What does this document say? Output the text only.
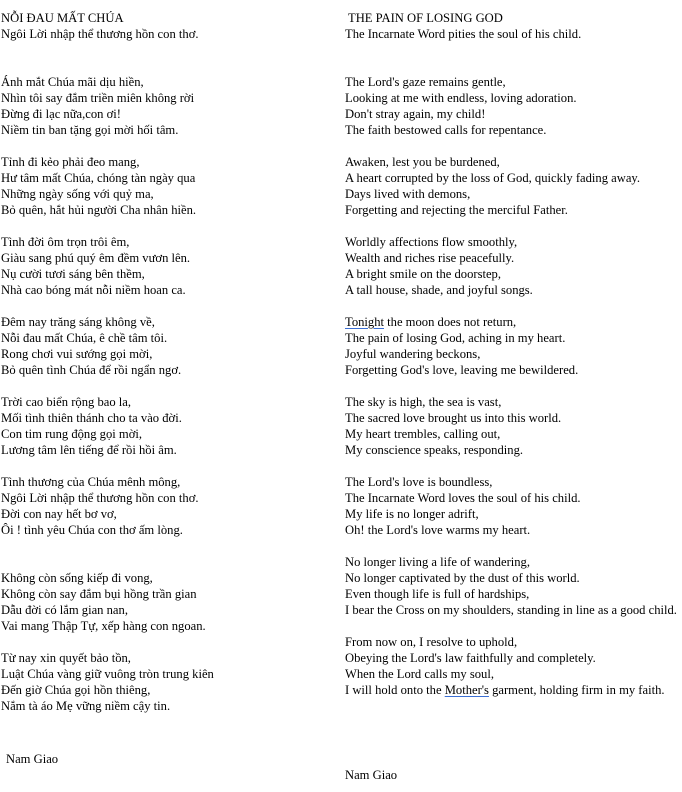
NỖI ĐAU MẤT CHÚA
Ngôi Lời nhập thể thương hồn con thơ.
Ánh mắt Chúa mãi dịu hiền,
Nhìn tôi say đắm triền miên không rời
Đừng đi lạc nữa,con ơi!
Niềm tin ban tặng gọi mời hối tâm.
Tỉnh đi kẻo phải đeo mang,
Hư tâm mất Chúa, chóng tàn ngày qua
Những ngày sống với quỷ ma,
Bỏ quên, hắt hủi người Cha nhân hiền.
Tình đời ôm trọn trôi êm,
Giàu sang phú quý êm đềm vươn lên.
Nụ cười tươi sáng bên thềm,
Nhà cao bóng mát nỗi niềm hoan ca.
Đêm nay trăng sáng không về,
Nỗi đau mất Chúa, ê chề tâm tôi.
Rong chơi vui sướng gọi mời,
Bỏ quên tình Chúa để rồi ngẩn ngơ.
Trời cao biển rộng bao la,
Mối tình thiên thánh cho ta vào đời.
Con tim rung động gọi mời,
Lương tâm lên tiếng để rồi hồi âm.
Tình thương của Chúa mênh mông,
Ngôi Lời nhập thể thương hồn con thơ.
Đời con nay hết bơ vơ,
Ôi ! tình yêu Chúa con thơ ấm lòng.
Không còn sống kiếp đi vong,
Không còn say đắm bụi hồng trần gian
Dẫu đời có lắm gian nan,
Vai mang Thập Tự, xếp hàng con ngoan.
Từ nay xin quyết bảo tồn,
Luật Chúa vàng giữ vuông tròn trung kiên
Đến giờ Chúa gọi hồn thiêng,
Nắm tà áo Mẹ vững niềm cậy tin.
Nam Giao
THE PAIN OF LOSING GOD
The Incarnate Word pities the soul of his child.
The Lord's gaze remains gentle,
Looking at me with endless, loving adoration.
Don't stray again, my child!
The faith bestowed calls for repentance.
Awaken, lest you be burdened,
A heart corrupted by the loss of God, quickly fading away.
Days lived with demons,
Forgetting and rejecting the merciful Father.
Worldly affections flow smoothly,
Wealth and riches rise peacefully.
A bright smile on the doorstep,
A tall house, shade, and joyful songs.
Tonight the moon does not return,
The pain of losing God, aching in my heart.
Joyful wandering beckons,
Forgetting God's love, leaving me bewildered.
The sky is high, the sea is vast,
The sacred love brought us into this world.
My heart trembles, calling out,
My conscience speaks, responding.
The Lord's love is boundless,
The Incarnate Word loves the soul of his child.
My life is no longer adrift,
Oh! the Lord's love warms my heart.
No longer living a life of wandering,
No longer captivated by the dust of this world.
Even though life is full of hardships,
I bear the Cross on my shoulders, standing in line as a good child.
From now on, I resolve to uphold,
Obeying the Lord's law faithfully and completely.
When the Lord calls my soul,
I will hold onto the Mother's garment, holding firm in my faith.
Nam Giao
